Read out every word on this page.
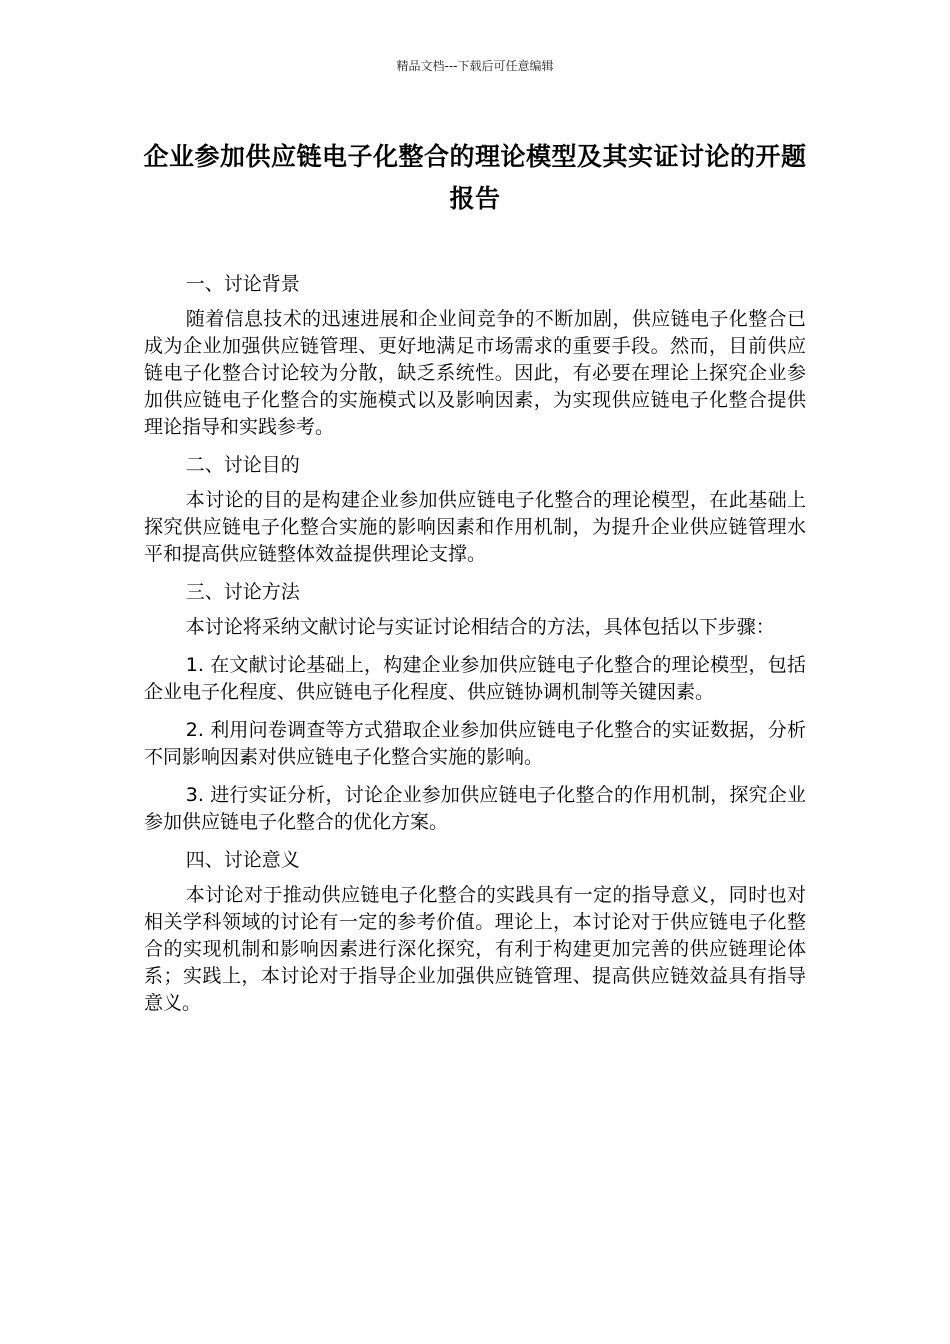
精品文档---下载后可任意编辑
企业参加供应链电子化整合的理论模型及其实证讨论的开题报告

一、讨论背景

随着信息技术的迅速进展和企业间竞争的不断加剧，供应链电子化整合已成为企业加强供应链管理、更好地满足市场需求的重要手段。然而，目前供应链电子化整合讨论较为分散，缺乏系统性。因此，有必要在理论上探究企业参加供应链电子化整合的实施模式以及影响因素，为实现供应链电子化整合提供理论指导和实践参考。

二、讨论目的

本讨论的目的是构建企业参加供应链电子化整合的理论模型，在此基础上探究供应链电子化整合实施的影响因素和作用机制，为提升企业供应链管理水平和提高供应链整体效益提供理论支撑。

三、讨论方法

本讨论将采纳文献讨论与实证讨论相结合的方法，具体包括以下步骤：

1. 在文献讨论基础上，构建企业参加供应链电子化整合的理论模型，包括企业电子化程度、供应链电子化程度、供应链协调机制等关键因素。

2. 利用问卷调查等方式猎取企业参加供应链电子化整合的实证数据，分析不同影响因素对供应链电子化整合实施的影响。

3. 进行实证分析，讨论企业参加供应链电子化整合的作用机制，探究企业参加供应链电子化整合的优化方案。

四、讨论意义

本讨论对于推动供应链电子化整合的实践具有一定的指导意义，同时也对相关学科领域的讨论有一定的参考价值。理论上，本讨论对于供应链电子化整合的实现机制和影响因素进行深化探究，有利于构建更加完善的供应链理论体系；实践上，本讨论对于指导企业加强供应链管理、提高供应链效益具有指导意义。
